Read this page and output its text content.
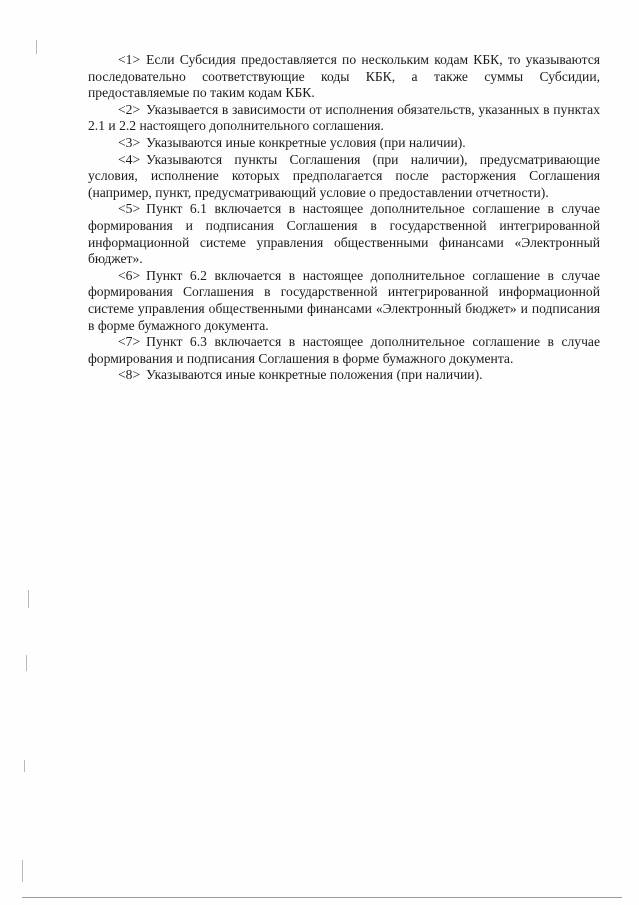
<1> Если Субсидия предоставляется по нескольким кодам КБК, то указываются последовательно соответствующие коды КБК, а также суммы Субсидии, предоставляемые по таким кодам КБК.

<2> Указывается в зависимости от исполнения обязательств, указанных в пунктах 2.1 и 2.2 настоящего дополнительного соглашения.

<3> Указываются иные конкретные условия (при наличии).

<4> Указываются пункты Соглашения (при наличии), предусматривающие условия, исполнение которых предполагается после расторжения Соглашения (например, пункт, предусматривающий условие о предоставлении отчетности).

<5> Пункт 6.1 включается в настоящее дополнительное соглашение в случае формирования и подписания Соглашения в государственной интегрированной информационной системе управления общественными финансами «Электронный бюджет».

<6> Пункт 6.2 включается в настоящее дополнительное соглашение в случае формирования Соглашения в государственной интегрированной информационной системе управления общественными финансами «Электронный бюджет» и подписания в форме бумажного документа.

<7> Пункт 6.3 включается в настоящее дополнительное соглашение в случае формирования и подписания Соглашения в форме бумажного документа.

<8> Указываются иные конкретные положения (при наличии).
